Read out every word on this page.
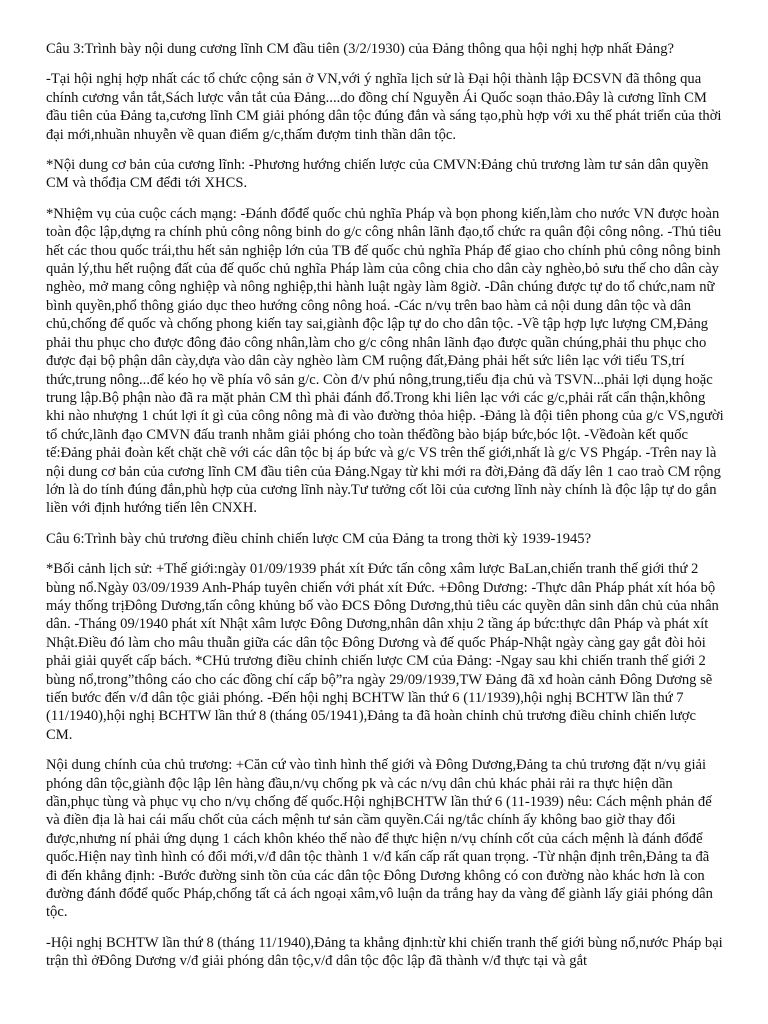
Câu 3:Trình bày nội dung cương lĩnh CM đầu tiên (3/2/1930) của Đảng thông qua hội nghị hợp nhất Đảng?

-Tại hội nghị hợp nhất các tổ chức cộng sản ở VN,với ý nghĩa lịch sử là Đại hội thành lập ĐCSVN đã thông qua chính cương vắn tắt,Sách lược vắn tắt của Đảng....do đồng chí Nguyễn Ái Quốc soạn thảo.Đây là cương lĩnh CM đầu tiên của Đảng ta,cương lĩnh CM giải phóng dân tộc đúng đắn và sáng tạo,phù hợp với xu thế phát triển của thời đại mới,nhuần nhuyễn về quan điểm g/c,thấm đượm tinh thần dân tộc.

*Nội dung cơ bản của cương lĩnh: -Phương hướng chiến lược của CMVN:Đảng chủ trương làm tư sản dân quyền CM và thổđịa CM đểđi tới XHCS.

*Nhiệm vụ của cuộc cách mạng: -Đánh đổđể quốc chủ nghĩa Pháp và bọn phong kiến,làm cho nước VN được hoàn toàn độc lập,dựng ra chính phủ công nông binh do g/c công nhân lãnh đạo,tổ chức ra quân đội công nông. -Thủ tiêu hết các thou quốc trái,thu hết sản nghiệp lớn của TB đế quốc chủ nghĩa Pháp để giao cho chính phủ công nông binh quản lý,thu hết ruộng đất của đế quốc chủ nghĩa Pháp làm của công chia cho dân cày nghèo,bỏ sưu thế cho dân cày nghèo, mở mang công nghiệp và nông nghiệp,thi hành luật ngày làm 8giờ. -Dân chúng được tự do tổ chức,nam nữ bình quyền,phổ thông giáo dục theo hướng công nông hoá. -Các n/vụ trên bao hàm cả nội dung dân tộc và dân chủ,chống để quốc và chống phong kiến tay sai,giành độc lập tự do cho dân tộc. -Về tập hợp lực lượng CM,Đảng phải thu phục cho được đông đảo công nhân,làm cho g/c công nhân lãnh đạo được quần chúng,phải thu phục cho được đại bộ phận dân cày,dựa vào dân cày nghèo làm CM ruộng đất,Đảng phải hết sức liên lạc với tiểu TS,trí thức,trung nông...để kéo họ về phía vô sản g/c. Còn đ/v phú nông,trung,tiểu địa chủ và TSVN...phải lợi dụng hoặc trung lập.Bộ phận nào đã ra mặt phản CM thì phải đánh đổ.Trong khi liên lạc với các g/c,phải rất cẩn thận,không khi nào nhượng 1 chút lợi ít gì của công nông mà đi vào đường thỏa hiệp. -Đảng là đội tiên phong của g/c VS,người tổ chức,lãnh đạo CMVN đấu tranh nhằm giải phóng cho toàn thểđồng bào bịáp bức,bóc lột. -Vềđoàn kết quốc tế:Đảng phải đoàn kết chặt chẽ với các dân tộc bị áp bức và g/c VS trên thế giới,nhất là g/c VS Phgáp. -Trên nay là nội dung cơ bản của cương lĩnh CM đầu tiên của Đảng.Ngay từ khi mới ra đời,Đảng đã dấy lên 1 cao traò CM rộng lớn là do tính đúng đắn,phù hợp của cương lĩnh này.Tư tưởng cốt lõi của cương lĩnh này chính là độc lập tự do gắn liền với định hướng tiến lên CNXH.

Câu 6:Trình bày chủ trương điều chỉnh chiến lược CM của Đảng ta trong thời kỳ 1939-1945?

*Bối cảnh lịch sử: +Thế giới:ngày 01/09/1939 phát xít Đức tấn công xâm lược BaLan,chiến tranh thế giới thứ 2 bùng nổ.Ngày 03/09/1939 Anh-Pháp tuyên chiến với phát xít Đức. +Đông Dương: -Thực dân Pháp phát xít hóa bộ máy thống trịĐông Dương,tấn công khủng bố vào ĐCS Đông Dương,thủ tiêu các quyền dân sinh dân chủ của nhân dân. -Tháng 09/1940 phát xít Nhật xâm lược Đông Dương,nhân dân xhịu 2 tầng áp bức:thực dân Pháp và phát xít Nhật.Điều đó làm cho mâu thuẫn giữa các dân tộc Đông Dương và đế quốc Pháp-Nhật ngày càng gay gắt đòi hỏi phải giải quyết cấp bách. *CHủ trương điều chỉnh chiến lược CM của Đảng: -Ngay sau khi chiến tranh thế giới 2 bùng nổ,trong”thông cáo cho các đồng chí cấp bộ”ra ngày 29/09/1939,TW Đảng đã xđ hoàn cảnh Đông Dương sẽ tiến bước đến v/đ dân tộc giải phóng. -Đến hội nghị BCHTW lần thứ 6 (11/1939),hội nghị BCHTW lần thứ 7 (11/1940),hội nghị BCHTW lần thứ 8 (tháng 05/1941),Đảng ta đã hoàn chỉnh chủ trương điều chỉnh chiến lược CM.

Nội dung chính của chủ trương: +Căn cứ vào tình hình thế giới và Đông Dương,Đảng ta chủ trương đặt n/vụ giải phóng dân tộc,giành độc lập lên hàng đầu,n/vụ chống pk và các n/vụ dân chủ khác phải rải ra thực hiện dần dần,phục tùng và phục vụ cho n/vụ chống đế quốc.Hội nghịBCHTW lần thứ 6 (11-1939) nêu: Cách mệnh phản đế và điền địa là hai cái mấu chốt của cách mệnh tư sản cầm quyền.Cái ng/tắc chính ấy không bao giờ thay đổi được,nhưng ní phải ứng dụng 1 cách khôn khéo thế nào để thực hiện n/vụ chính cốt của cách mệnh là đánh đổđể quốc.Hiện nay tình hình có đổi mới,v/đ dân tộc thành 1 v/đ kấn cấp rất quan trọng. -Từ nhận định trên,Đảng ta đã đi đến khẳng định: -Bước đường sinh tồn của các dân tộc Đông Dương không có con đường nào khác hơn là con đường đánh đổđể quốc Pháp,chống tất cả ách ngoại xâm,vô luận da trắng hay da vàng để giành lấy giải phóng dân tộc.

-Hội nghị BCHTW lần thứ 8 (tháng 11/1940),Đảng ta khẳng định:từ khi chiến tranh thế giới bùng nổ,nước Pháp bại trận thì ởĐông Dương v/đ giải phóng dân tộc,v/đ dân tộc độc lập đã thành v/đ thực tại và gắt
